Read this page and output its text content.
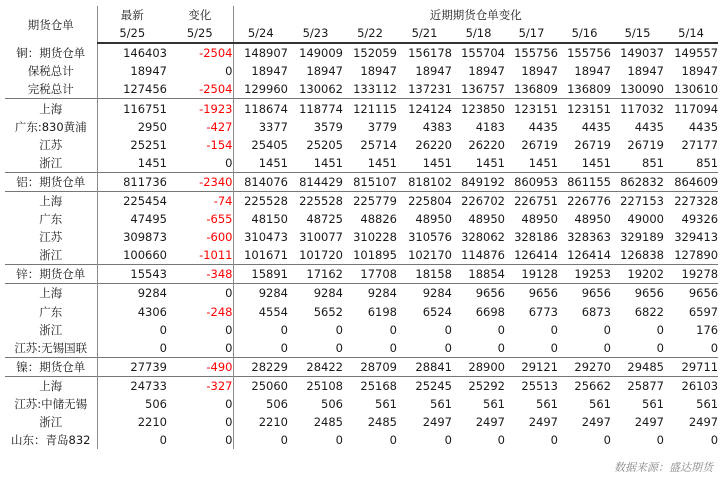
期货仓单	最新	变化	近期期货仓单变化								
	5/25	5/25	5/24	5/23	5/22	5/21	5/18	5/17	5/16	5/15	5/14
铜：期货仓单	146403	-2504	148907	149009	152059	156178	155704	155756	155756	149037	149557
保税总计	18947	0	18947	18947	18947	18947	18947	18947	18947	18947	18947
完税总计	127456	-2504	129960	130062	133112	137231	136757	136809	136809	130090	130610
上海	116751	-1923	118674	118774	121115	124124	123850	123151	123151	117032	117094
广东:830黄浦	2950	-427	3377	3579	3779	4383	4183	4435	4435	4435	4435
江苏	25251	-154	25405	25205	25714	26220	26220	26719	26719	26719	27177
浙江	1451	0	1451	1451	1451	1451	1451	1451	1451	851	851
铝：期货仓单	811736	-2340	814076	814429	815107	818102	849192	860953	861155	862832	864609
上海	225454	-74	225528	225528	225779	225804	226702	226751	226776	227153	227328
广东	47495	-655	48150	48725	48826	48950	48950	48950	48950	49000	49326
江苏	309873	-600	310473	310077	310228	310576	328062	328186	328363	329189	329413
浙江	100660	-1011	101671	101720	101895	102170	114876	126414	126414	126838	127890
锌：期货仓单	15543	-348	15891	17162	17708	18158	18854	19128	19253	19202	19278
上海	9284	0	9284	9284	9284	9284	9656	9656	9656	9656	9656
广东	4306	-248	4554	5652	6198	6524	6698	6773	6873	6822	6597
浙江	0	0	0	0	0	0	0	0	0	0	176
江苏:无锡国联	0	0	0	0	0	0	0	0	0	0	0
镍：期货仓单	27739	-490	28229	28422	28709	28841	28900	29121	29270	29485	29711
上海	24733	-327	25060	25108	25168	25245	25292	25513	25662	25877	26103
江苏:中储无锡	506	0	506	506	561	561	561	561	561	561	561
浙江	2210	0	2210	2485	2485	2497	2497	2497	2497	2497	2497
山东：青岛832	0	0	0	0	0	0	0	0	0	0	0
数据来源：盛达期货
